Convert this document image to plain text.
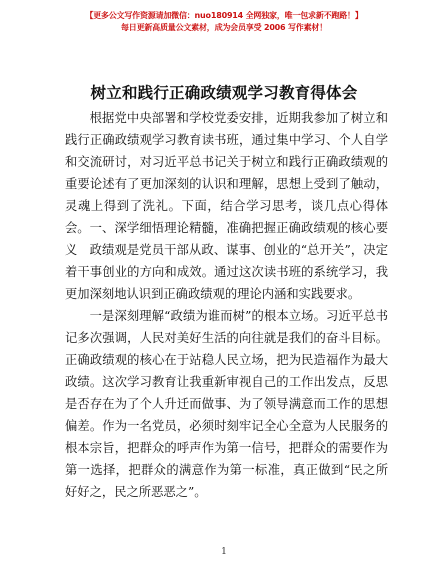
【更多公文写作资源请加微信：nuo180914 全网独家，唯一包求新不跑路！】
每日更新高质量公文素材，成为会员享受 2006 写作素材！
树立和践行正确政绩观学习教育得体会

根据党中央部署和学校党委安排，近期我参加了树立和践行正确政绩观学习教育读书班，通过集中学习、个人自学和交流研讨，对习近平总书记关于树立和践行正确政绩观的重要论述有了更加深刻的认识和理解，思想上受到了触动，灵魂上得到了洗礼。下面，结合学习思考，谈几点心得体会。 一、深学细悟理论精髓，准确把握正确政绩观的核心要义 政绩观是党员干部从政、谋事、创业的“总开关”，决定着干事创业的方向和成效。通过这次读书班的系统学习，我更加深刻地认识到正确政绩观的理论内涵和实践要求。

一是深刻理解“政绩为谁而树”的根本立场。习近平总书记多次强调，人民对美好生活的向往就是我们的奋斗目标。正确政绩观的核心在于站稳人民立场，把为民造福作为最大政绩。这次学习教育让我重新审视自己的工作出发点，反思是否存在为了个人升迁而做事、为了领导满意而工作的思想偏差。作为一名党员，必须时刻牢记全心全意为人民服务的根本宗旨，把群众的呼声作为第一信号，把群众的需要作为第一选择，把群众的满意作为第一标准，真正做到“民之所好好之，民之所恶恶之”。

1
